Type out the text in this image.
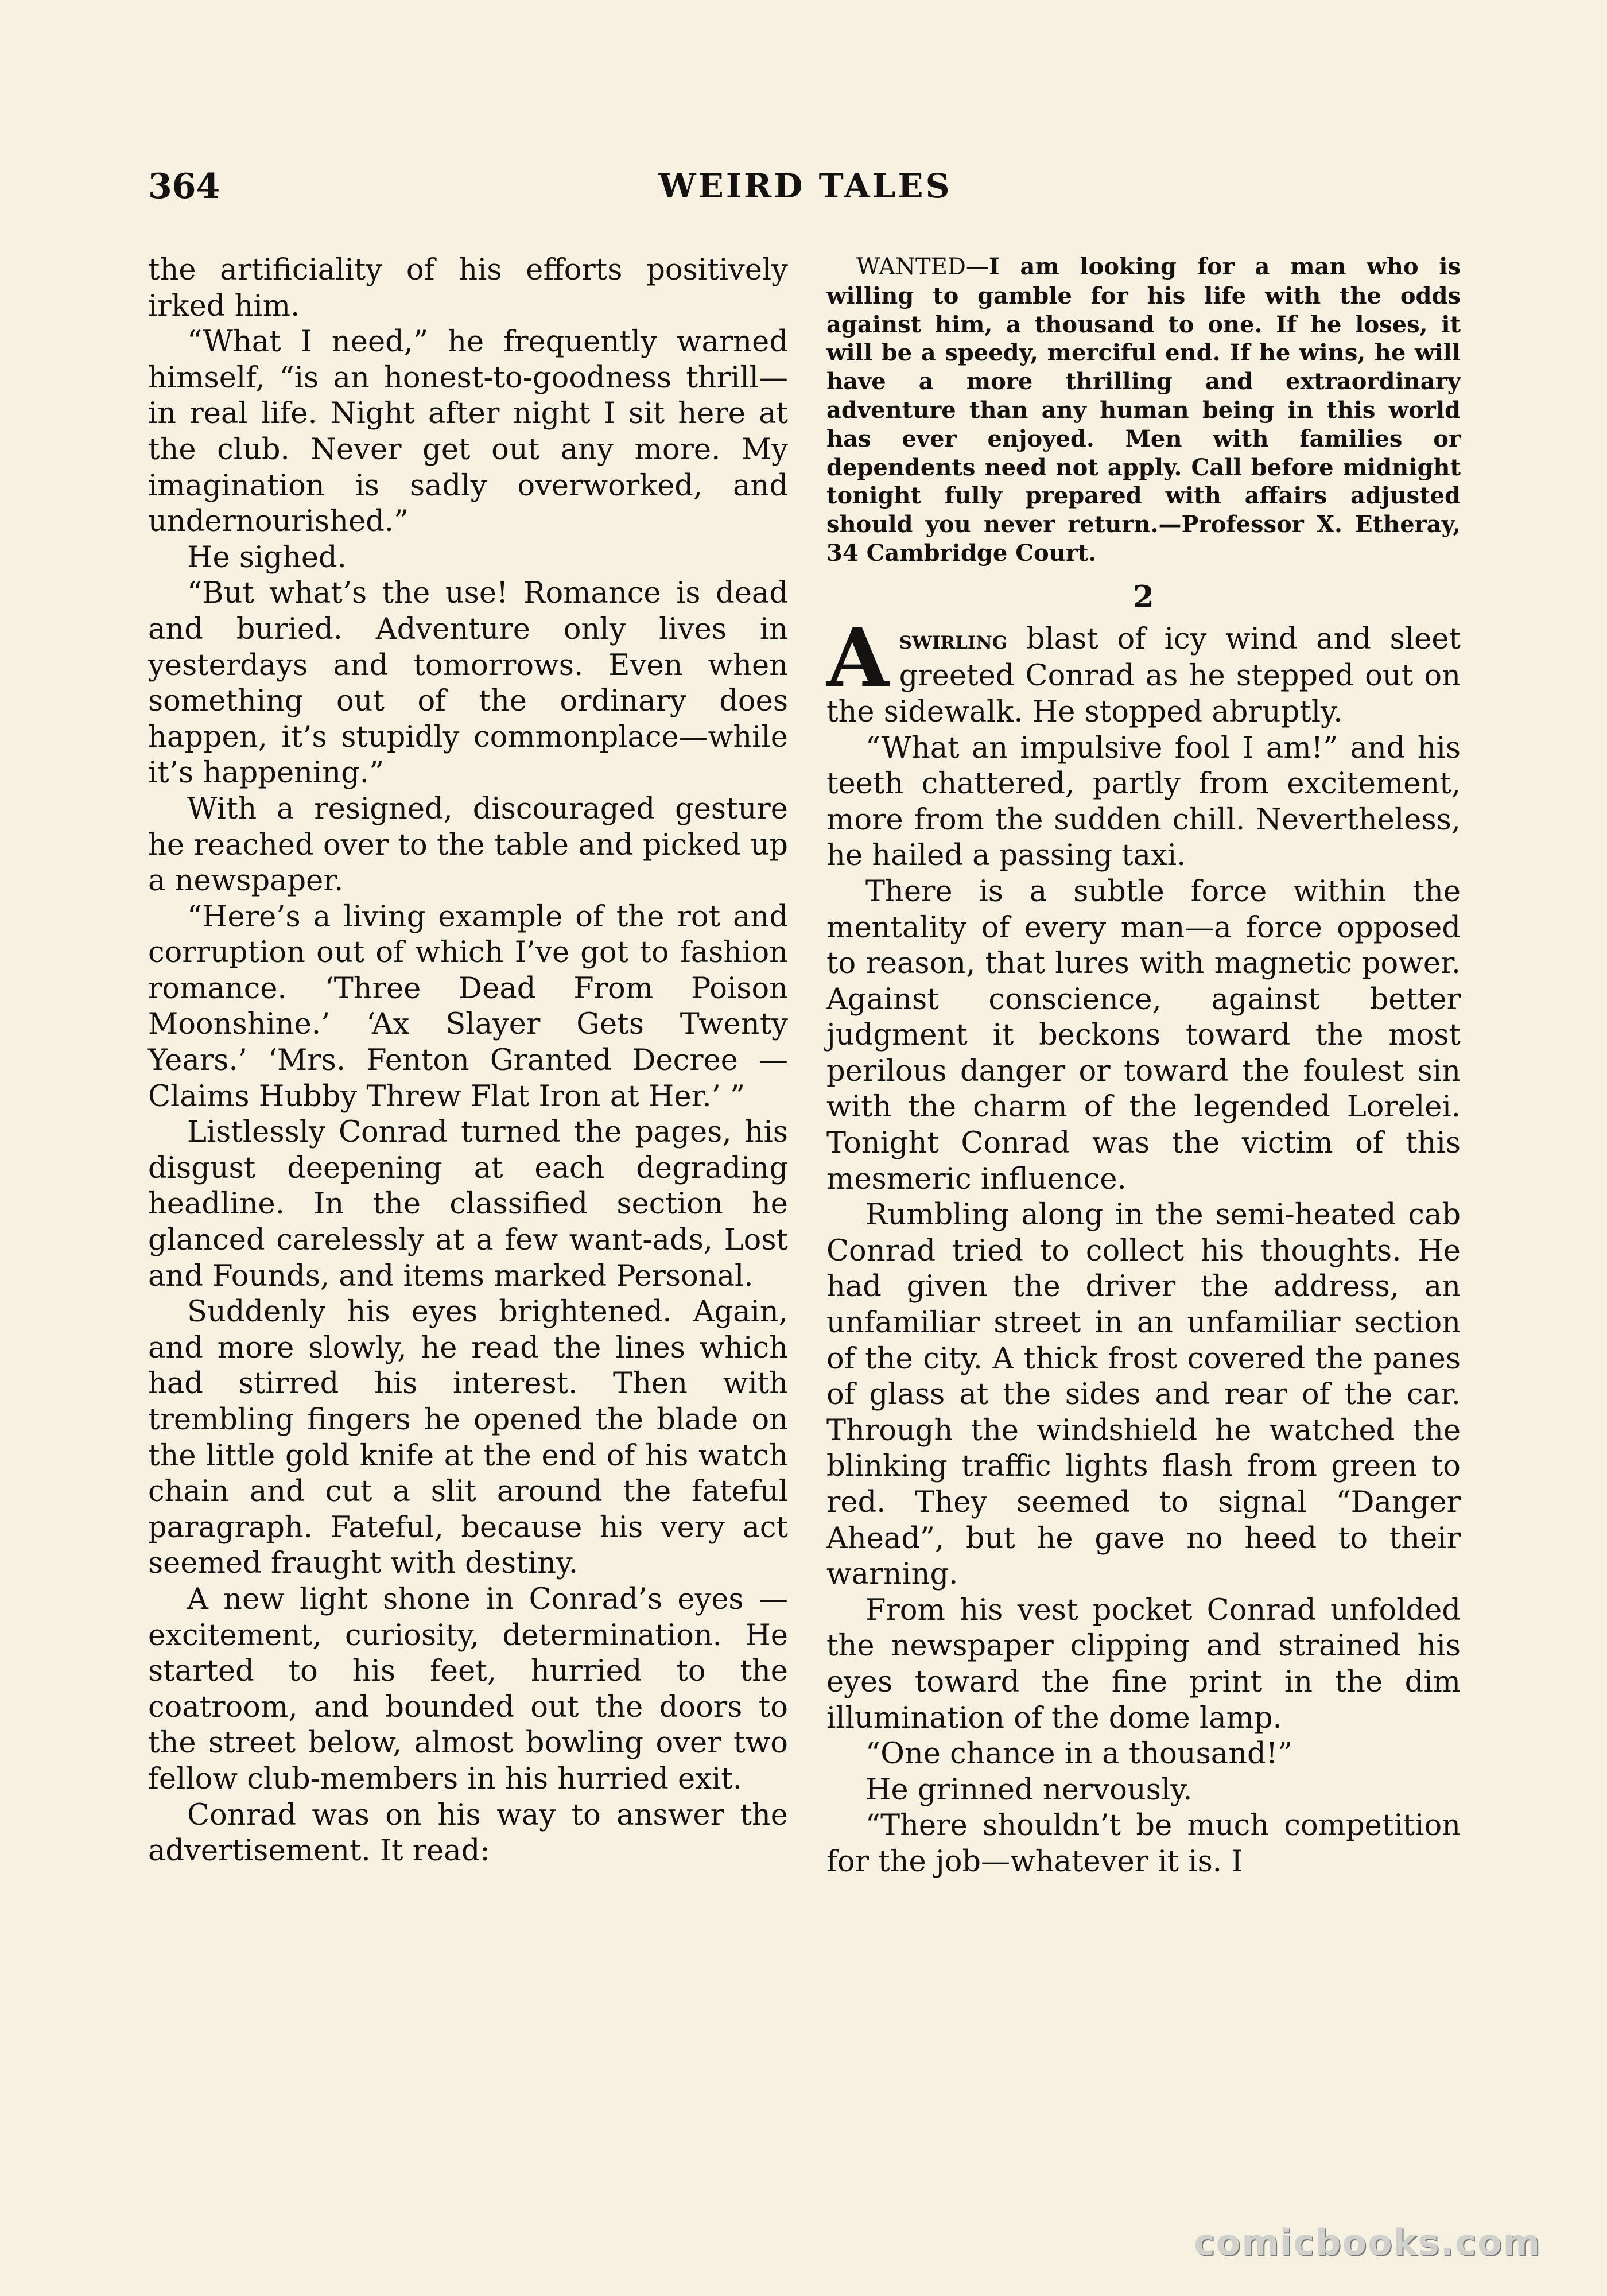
364	WEIRD TALES

the artificiality of his efforts positively irked him.

“What I need,” he frequently warned himself, “is an honest-to-goodness thrill—in real life. Night after night I sit here at the club. Never get out any more. My imagination is sadly overworked, and undernourished.”

He sighed.

“But what’s the use! Romance is dead and buried. Adventure only lives in yesterdays and tomorrows. Even when something out of the ordinary does happen, it’s stupidly commonplace—while it’s happening.”

With a resigned, discouraged gesture he reached over to the table and picked up a newspaper.

“Here’s a living example of the rot and corruption out of which I’ve got to fashion romance. ‘Three Dead From Poison Moonshine.’ ‘Ax Slayer Gets Twenty Years.’ ‘Mrs. Fenton Granted Decree — Claims Hubby Threw Flat Iron at Her.’ ”

Listlessly Conrad turned the pages, his disgust deepening at each degrading headline. In the classified section he glanced carelessly at a few want-ads, Lost and Founds, and items marked Personal.

Suddenly his eyes brightened. Again, and more slowly, he read the lines which had stirred his interest. Then with trembling fingers he opened the blade on the little gold knife at the end of his watch chain and cut a slit around the fateful paragraph. Fateful, because his very act seemed fraught with destiny.

A new light shone in Conrad’s eyes —excitement, curiosity, determination. He started to his feet, hurried to the coatroom, and bounded out the doors to the street below, almost bowling over two fellow club-members in his hurried exit.

Conrad was on his way to answer the advertisement. It read:

WANTED—I am looking for a man who is willing to gamble for his life with the odds against him, a thousand to one. If he loses, it will be a speedy, merciful end. If he wins, he will have a more thrilling and extraordinary adventure than any human being in this world has ever enjoyed. Men with families or dependents need not apply. Call before midnight tonight fully prepared with affairs adjusted should you never return.—Professor X. Etheray, 34 Cambridge Court.

2

Aswirling blast of icy wind and sleet greeted Conrad as he stepped out on the sidewalk. He stopped abruptly.

“What an impulsive fool I am!” and his teeth chattered, partly from excitement, more from the sudden chill. Nevertheless, he hailed a passing taxi.

There is a subtle force within the mentality of every man—a force opposed to reason, that lures with magnetic power. Against conscience, against better judgment it beckons toward the most perilous danger or toward the foulest sin with the charm of the legended Lorelei. Tonight Conrad was the victim of this mesmeric influence.

Rumbling along in the semi-heated cab Conrad tried to collect his thoughts. He had given the driver the address, an unfamiliar street in an unfamiliar section of the city. A thick frost covered the panes of glass at the sides and rear of the car. Through the windshield he watched the blinking traffic lights flash from green to red. They seemed to signal “Danger Ahead”, but he gave no heed to their warning.

From his vest pocket Conrad unfolded the newspaper clipping and strained his eyes toward the fine print in the dim illumination of the dome lamp.

“One chance in a thousand!”

He grinned nervously.

“There shouldn’t be much competition for the job—whatever it is. I

comicbooks.com
